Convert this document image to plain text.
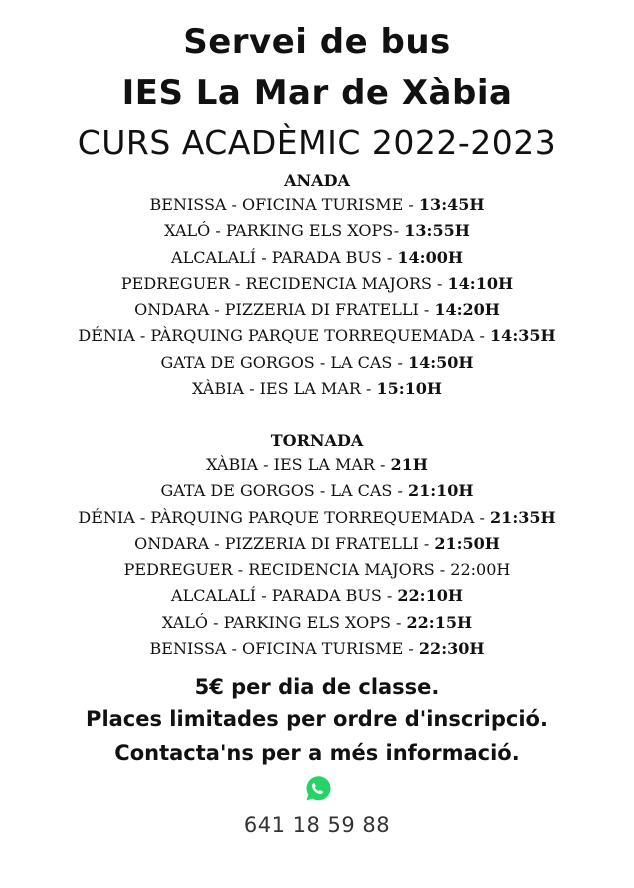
Servei de bus
IES La Mar de Xàbia
CURS ACADÈMIC 2022-2023
ANADA
BENISSA - OFICINA TURISME - 13:45H
XALÓ - PARKING ELS XOPS- 13:55H
ALCALALÍ - PARADA BUS - 14:00H
PEDREGUER - RECIDENCIA MAJORS - 14:10H
ONDARA - PIZZERIA DI FRATELLI - 14:20H
DÉNIA - PÀRQUING PARQUE TORREQUEMADA - 14:35H
GATA DE GORGOS - LA CAS - 14:50H
XÀBIA - IES LA MAR - 15:10H
TORNADA
XÀBIA - IES LA MAR - 21H
GATA DE GORGOS - LA CAS - 21:10H
DÉNIA - PÀRQUING PARQUE TORREQUEMADA - 21:35H
ONDARA - PIZZERIA DI FRATELLI - 21:50H
PEDREGUER - RECIDENCIA MAJORS - 22:00H
ALCALALÍ - PARADA BUS - 22:10H
XALÓ - PARKING ELS XOPS - 22:15H
BENISSA - OFICINA TURISME - 22:30H
5€ per dia de classe.
Places limitades per ordre d'inscripció.
Contacta'ns per a més informació.
641 18 59 88
